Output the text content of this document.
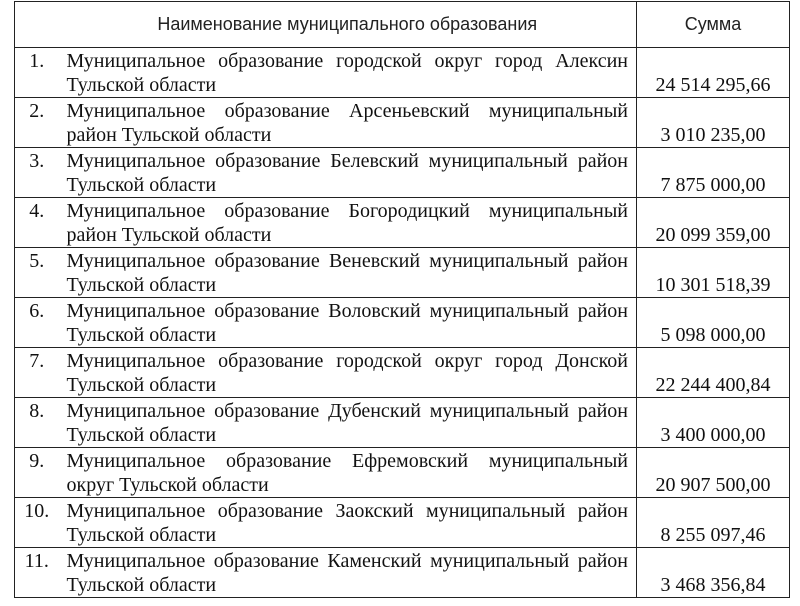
	Наименование муниципального образования	Сумма
1.	Муниципальное образование городской округ город Алексин
Тульской области	24 514 295,66
2.	Муниципальное образование Арсеньевский муниципальный
район Тульской области	3 010 235,00
3.	Муниципальное образование Белевский муниципальный район
Тульской области	7 875 000,00
4.	Муниципальное образование Богородицкий муниципальный
район Тульской области	20 099 359,00
5.	Муниципальное образование Веневский муниципальный район
Тульской области	10 301 518,39
6.	Муниципальное образование Воловский муниципальный район
Тульской области	5 098 000,00
7.	Муниципальное образование городской округ город Донской
Тульской области	22 244 400,84
8.	Муниципальное образование Дубенский муниципальный район
Тульской области	3 400 000,00
9.	Муниципальное образование Ефремовский муниципальный
округ Тульской области	20 907 500,00
10.	Муниципальное образование Заокский муниципальный район
Тульской области	8 255 097,46
11.	Муниципальное образование Каменский муниципальный район
Тульской области	3 468 356,84
